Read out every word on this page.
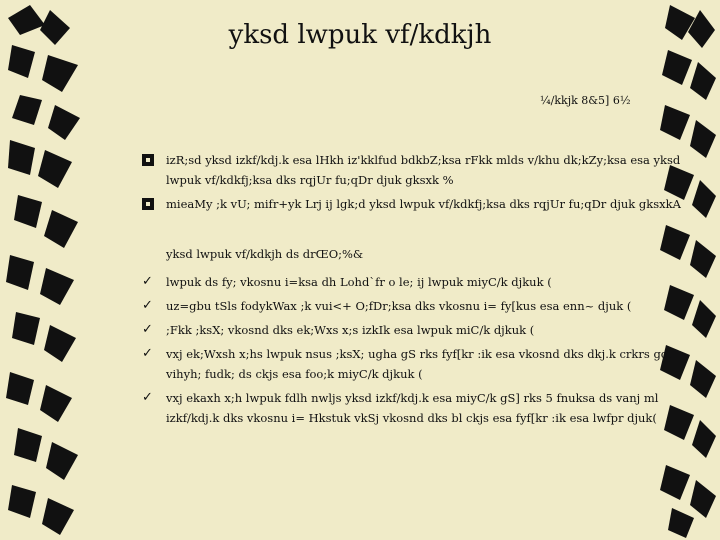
yksd lwpuk vf/kdkjh
¼/kkjk 8&5] 6½
izR;sd yksd izkf/kdj.k esa lHkh iz'kklfud bdkbZ;ksa rFkk mlds v/khu dk;kZy;ksa esa yksd lwpuk vf/kdkfj;ksa dks rqjUr fu;qDr djuk gksxk %
mieaMy ;k vU; mifr+yk Lrj ij lgk;d yksd lwpuk vf/kdkfj;ksa dks rqjUr fu;qDr djuk gksxkA
yksd lwpuk vf/kdkjh ds drŒO;%&
✓ lwpuk ds fy; vkosnu i=ksa dh Lohd`fr o le; ij lwpuk miyC/k djkuk (
✓ uz=gbu tSls fodykWax ;k vui<+ O;fDr;ksa dks vkosnu i= fy[kus esa enn~ djuk (
✓ ;Fkk ;ksX; vkosnd dks ek;Wxs x;s izkIk esa lwpuk miC/k djkuk (
✓ vxj ek;Wxsh x;hs lwpuk nsus ;ksX; ugha gS rks fyf[kr :ik esa vkosnd dks dkj.k crkrs gq, vihyh; fudk; ds ckjs esa foo;k miyC/k djkuk (
✓ vxj ekaxh x;h lwpuk fdlh nwljs yksd izkf/kdj.k esa miyC/k gS] rks 5 fnuksa ds vanj ml izkf/kdj.k dks vkosnu i= Hkstuk vkSj vkosnd dks bl ckjs esa fyf[kr :ik esa lwfpr djuk(
